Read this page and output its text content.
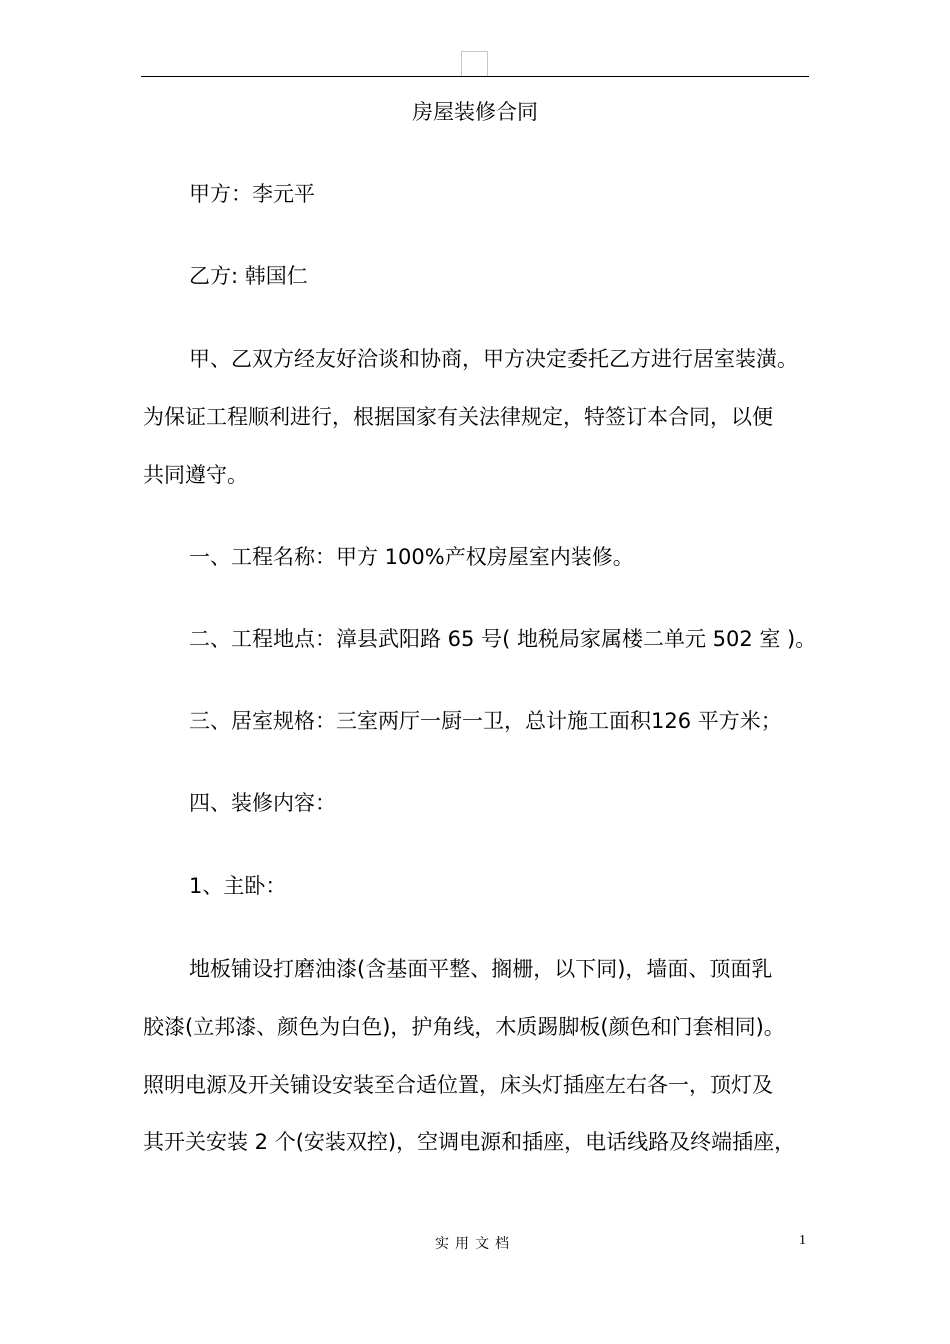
房屋装修合同
甲方：李元平
乙方: 韩国仁
甲、乙双方经友好洽谈和协商，甲方决定委托乙方进行居室装潢。
为保证工程顺利进行，根据国家有关法律规定，特签订本合同，以便
共同遵守。
一、工程名称：甲方 100%产权房屋室内装修。
二、工程地点：漳县武阳路 65 号( 地税局家属楼二单元 502 室 )。
三、居室规格：三室两厅一厨一卫，总计施工面积126 平方米；
四、装修内容：
1、主卧：
地板铺设打磨油漆(含基面平整、搁栅，以下同)，墙面、顶面乳
胶漆(立邦漆、颜色为白色)，护角线，木质踢脚板(颜色和门套相同)。
照明电源及开关铺设安装至合适位置，床头灯插座左右各一，顶灯及
其开关安装 2 个(安装双控)，空调电源和插座，电话线路及终端插座，
实用文档	1
